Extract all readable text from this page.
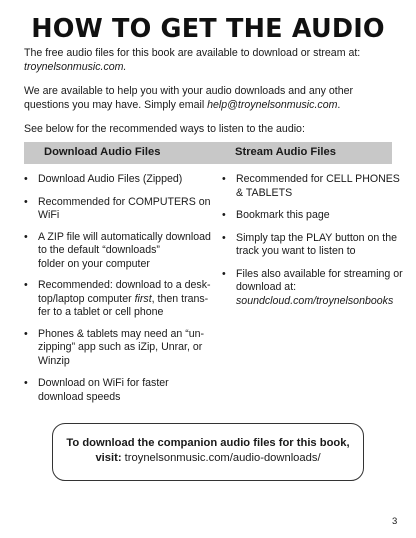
HOW TO GET THE AUDIO
The free audio files for this book are available to download or stream at:
troynelsonmusic.com.
We are available to help you with your audio downloads and any other questions you may have. Simply email help@troynelsonmusic.com.
See below for the recommended ways to listen to the audio:
Download Audio Files	Stream Audio Files
• Download Audio Files (Zipped)
• Recommended for COMPUTERS on WiFi
• A ZIP file will automatically download to the default “downloads”
folder on your computer
• Recommended: download to a desk-top/laptop computer first, then trans-fer to a tablet or cell phone
• Phones & tablets may need an “un-zipping” app such as iZip, Unrar, or Winzip
• Download on WiFi for faster download speeds
• Recommended for CELL PHONES & TABLETS
• Bookmark this page
• Simply tap the PLAY button on the track you want to listen to
• Files also available for streaming or download at:
soundcloud.com/troynelsonbooks
To download the companion audio files for this book,
visit: troynelsonmusic.com/audio-downloads/
3
